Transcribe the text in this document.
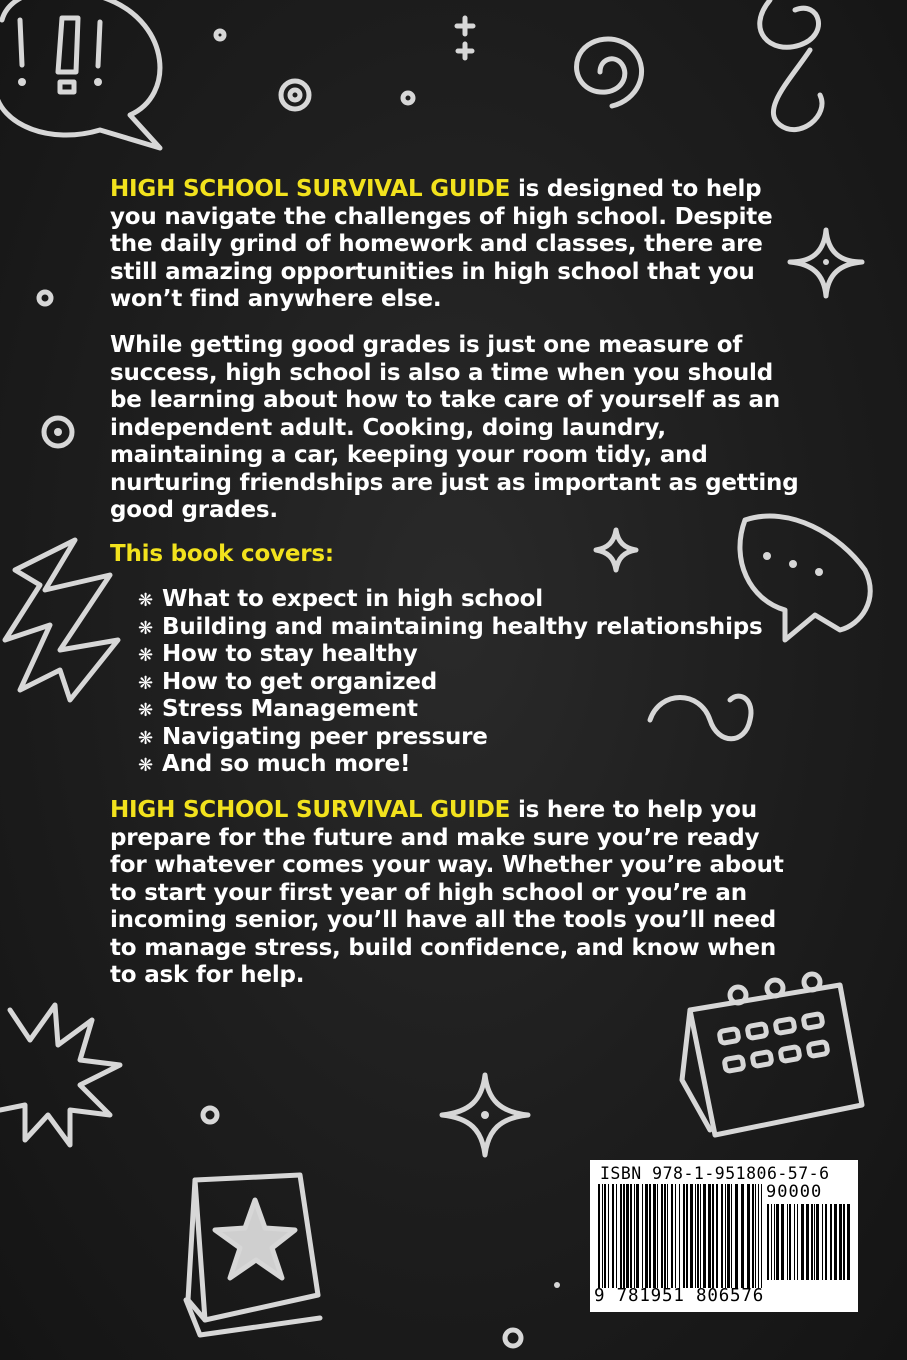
HIGH SCHOOL SURVIVAL GUIDE is designed to help you navigate the challenges of high school. Despite the daily grind of homework and classes, there are still amazing opportunities in high school that you won’t find anywhere else.
While getting good grades is just one measure of success, high school is also a time when you should be learning about how to take care of yourself as an independent adult. Cooking, doing laundry, maintaining a car, keeping your room tidy, and nurturing friendships are just as important as getting good grades.
This book covers:
❋ What to expect in high school
❋ Building and maintaining healthy relationships
❋ How to stay healthy
❋ How to get organized
❋ Stress Management
❋ Navigating peer pressure
❋ And so much more!
HIGH SCHOOL SURVIVAL GUIDE is here to help you prepare for the future and make sure you’re ready for whatever comes your way. Whether you’re about to start your first year of high school or you’re an incoming senior, you’ll have all the tools you’ll need to manage stress, build confidence, and know when to ask for help.
ISBN 978-1-951806-57-6
90000
9 781951 806576
